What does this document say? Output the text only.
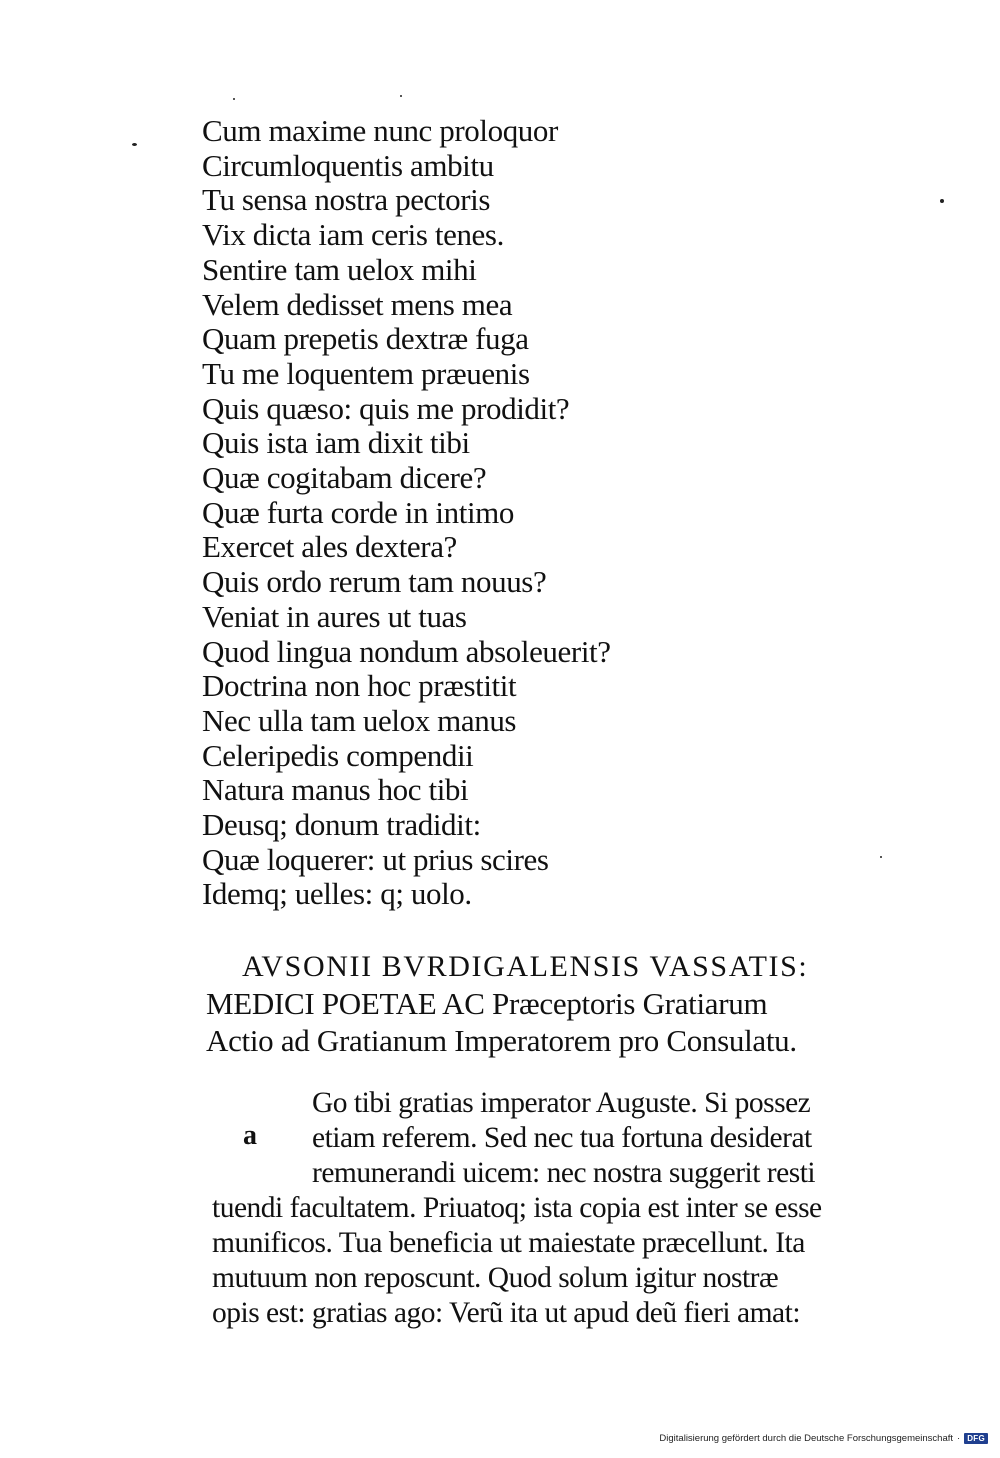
Cum maxime nunc proloquor
Circumloquentis ambitu
Tu sensa nostra pectoris
Vix dicta iam ceris tenes.
Sentire tam uelox mihi
Velem dedisset mens mea
Quam prepetis dextræ fuga
Tu me loquentem præuenis
Quis quæso: quis me prodidit?
Quis ista iam dixit tibi
Quæ cogitabam dicere?
Quæ furta corde in intimo
Exercet ales dextera?
Quis ordo rerum tam nouus?
Veniat in aures ut tuas
Quod lingua nondum absoleuerit?
Doctrina non hoc præstitit
Nec ulla tam uelox manus
Celeripedis compendii
Natura manus hoc tibi
Deusq; donum tradidit:
Quæ loquerer: ut prius scires
Idemq; uelles: q; uolo.
AVSONII BVRDIGALENSIS VASSATIS:
MEDICI POETAE AC Præceptoris Gratiarum
Actio ad Gratianum Imperatorem pro Consulatu.
a
Go tibi gratias imperator Auguste. Si possez
etiam referem. Sed nec tua fortuna desiderat
remunerandi uicem: nec nostra suggerit resti
tuendi facultatem. Priuatoq; ista copia est inter se esse
munificos. Tua beneficia ut maiestate præcellunt. Ita
mutuum non reposcunt. Quod solum igitur nostræ
opis est: gratias ago: Verũ ita ut apud deũ fieri amat:
Digitalisierung gefördert durch die Deutsche Forschungsgemeinschaft · DFG
